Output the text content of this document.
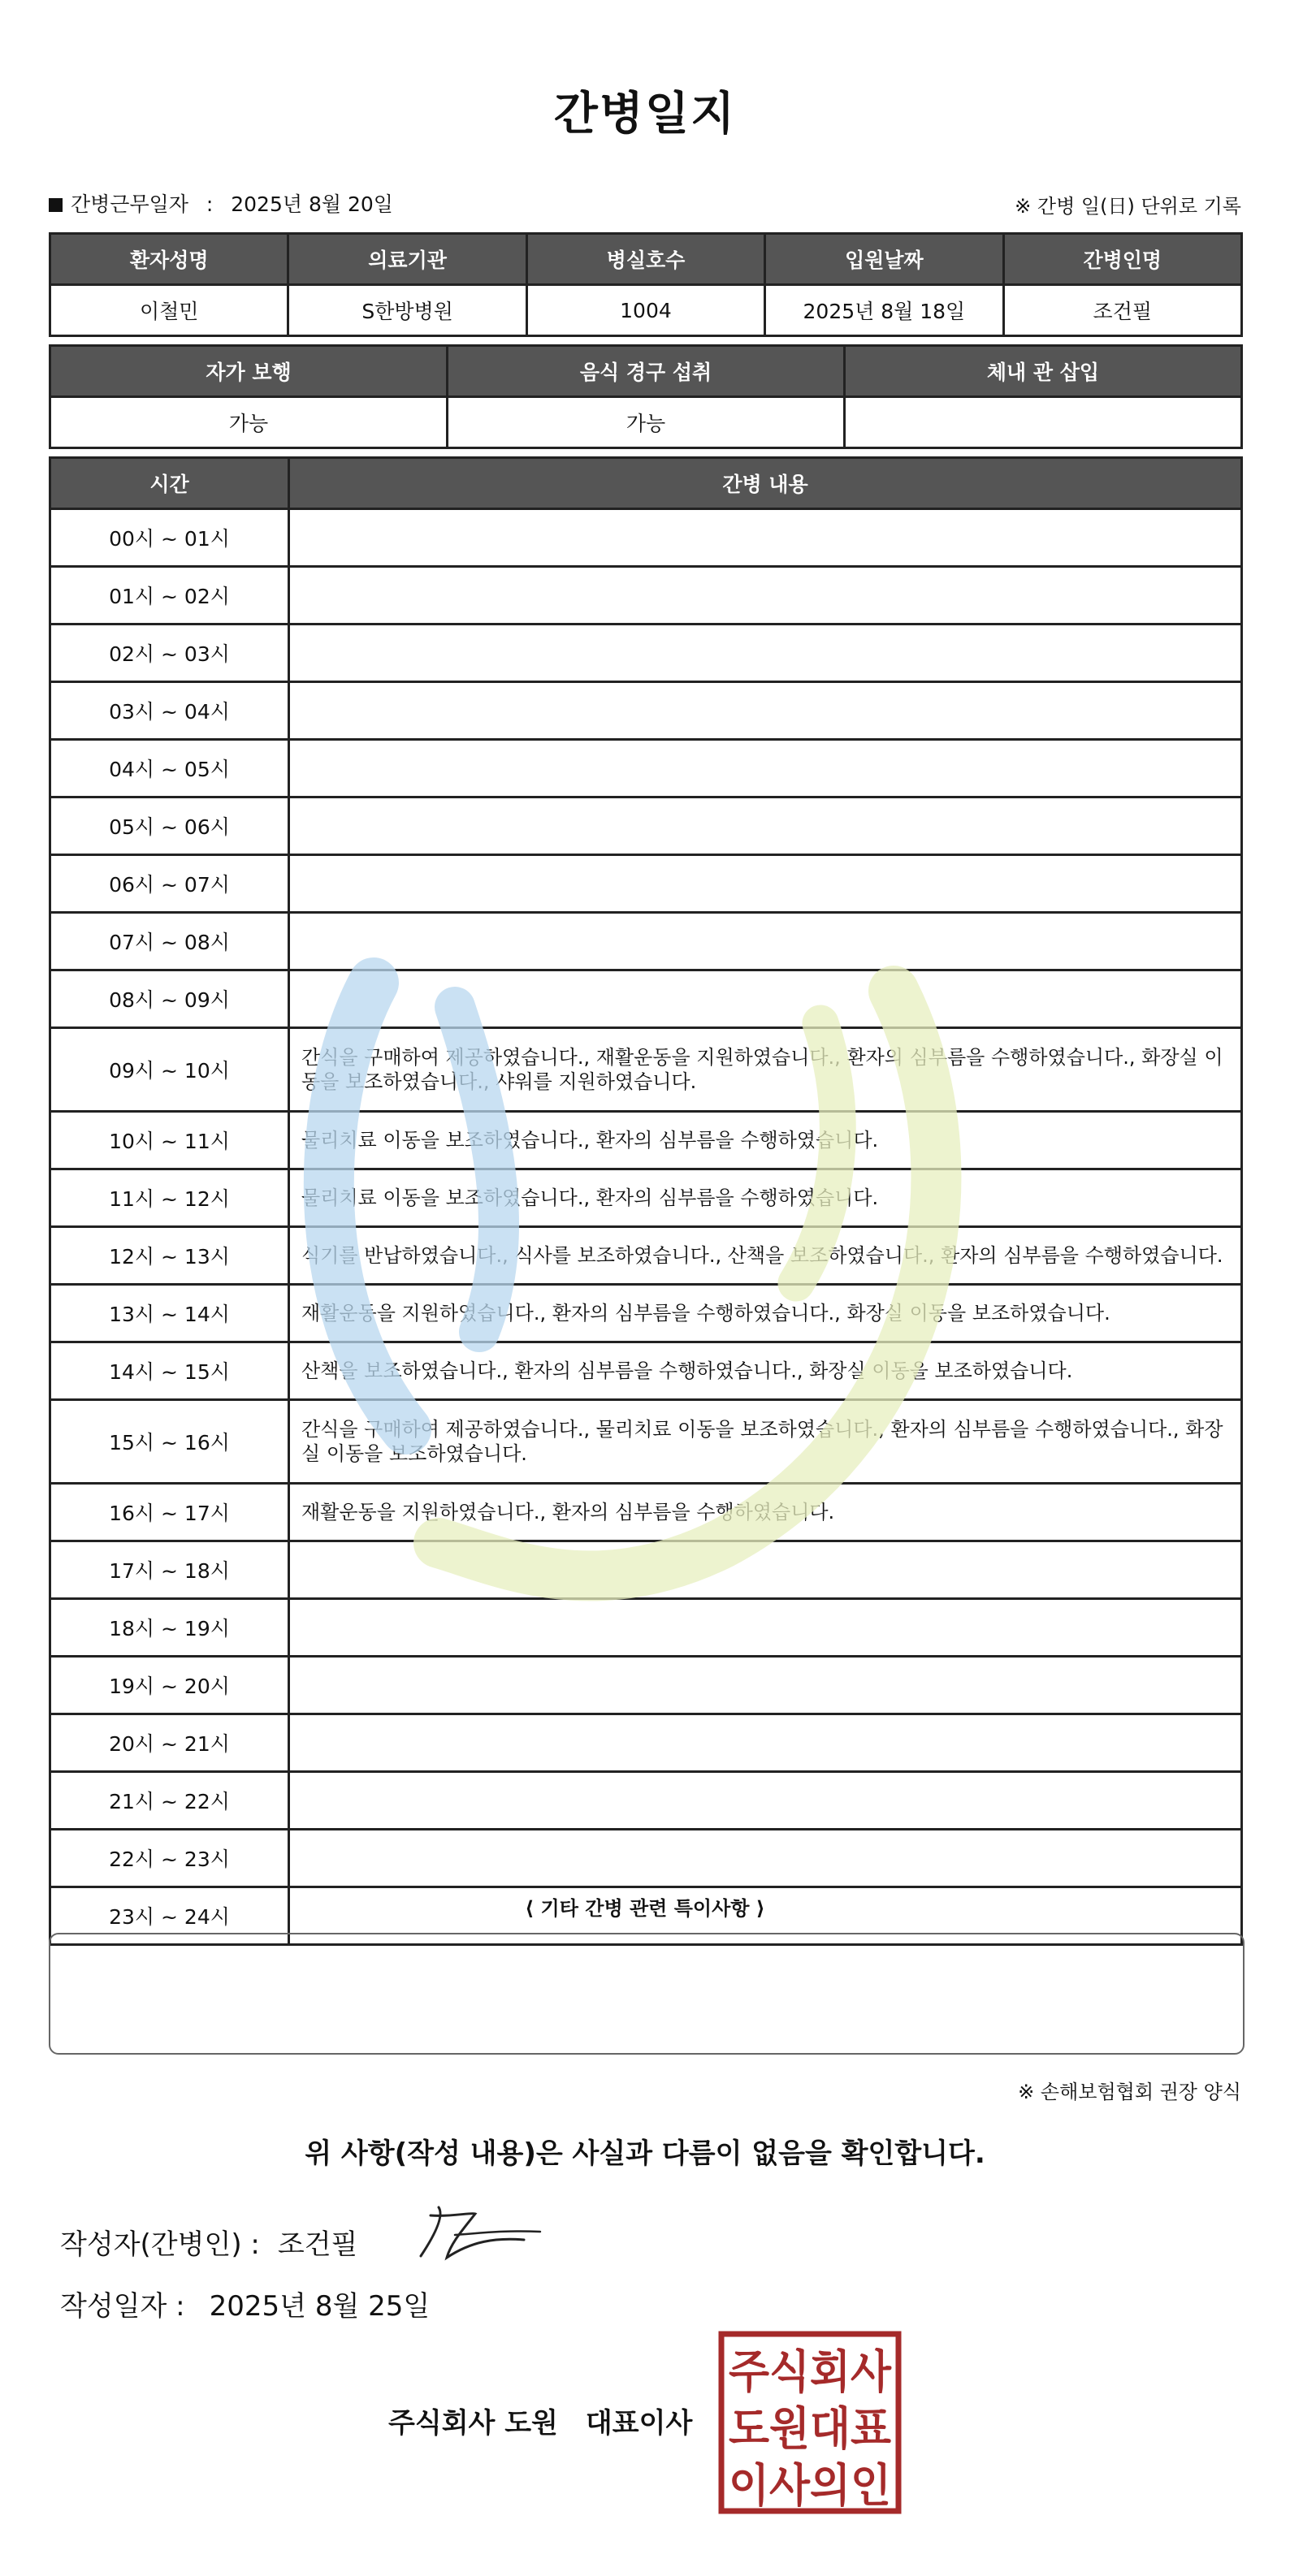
간병일지
간병근무일자 : 2025년 8월 20일	※ 간병 일(日) 단위로 기록
환자성명	의료기관	병실호수	입원날짜	간병인명
이철민	S한방병원	1004	2025년 8월 18일	조건필
자가 보행	음식 경구 섭취	체내 관 삽입
가능	가능	
시간	간병 내용
00시 ~ 01시	
01시 ~ 02시	
02시 ~ 03시	
03시 ~ 04시	
04시 ~ 05시	
05시 ~ 06시	
06시 ~ 07시	
07시 ~ 08시	
08시 ~ 09시	
09시 ~ 10시	간식을 구매하여 제공하였습니다., 재활운동을 지원하였습니다., 환자의 심부름을 수행하였습니다., 화장실 이동을 보조하였습니다., 샤워를 지원하였습니다.
10시 ~ 11시	물리치료 이동을 보조하였습니다., 환자의 심부름을 수행하였습니다.
11시 ~ 12시	물리치료 이동을 보조하였습니다., 환자의 심부름을 수행하였습니다.
12시 ~ 13시	식기를 반납하였습니다., 식사를 보조하였습니다., 산책을 보조하였습니다., 환자의 심부름을 수행하였습니다.
13시 ~ 14시	재활운동을 지원하였습니다., 환자의 심부름을 수행하였습니다., 화장실 이동을 보조하였습니다.
14시 ~ 15시	산책을 보조하였습니다., 환자의 심부름을 수행하였습니다., 화장실 이동을 보조하였습니다.
15시 ~ 16시	간식을 구매하여 제공하였습니다., 물리치료 이동을 보조하였습니다., 환자의 심부름을 수행하였습니다., 화장실 이동을 보조하였습니다.
16시 ~ 17시	재활운동을 지원하였습니다., 환자의 심부름을 수행하였습니다.
17시 ~ 18시	
18시 ~ 19시	
19시 ~ 20시	
20시 ~ 21시	
21시 ~ 22시	
22시 ~ 23시	
23시 ~ 24시		⟨ 기타 간병 관련 특이사항 ⟩
※ 손해보험협회 권장 양식
위 사항(작성 내용)은 사실과 다름이 없음을 확인합니다.
작성자(간병인) : 조건필
작성일자 : 2025년 8월 25일
주식회사 도원 대표이사
주식회사
도원대표
이사의인
